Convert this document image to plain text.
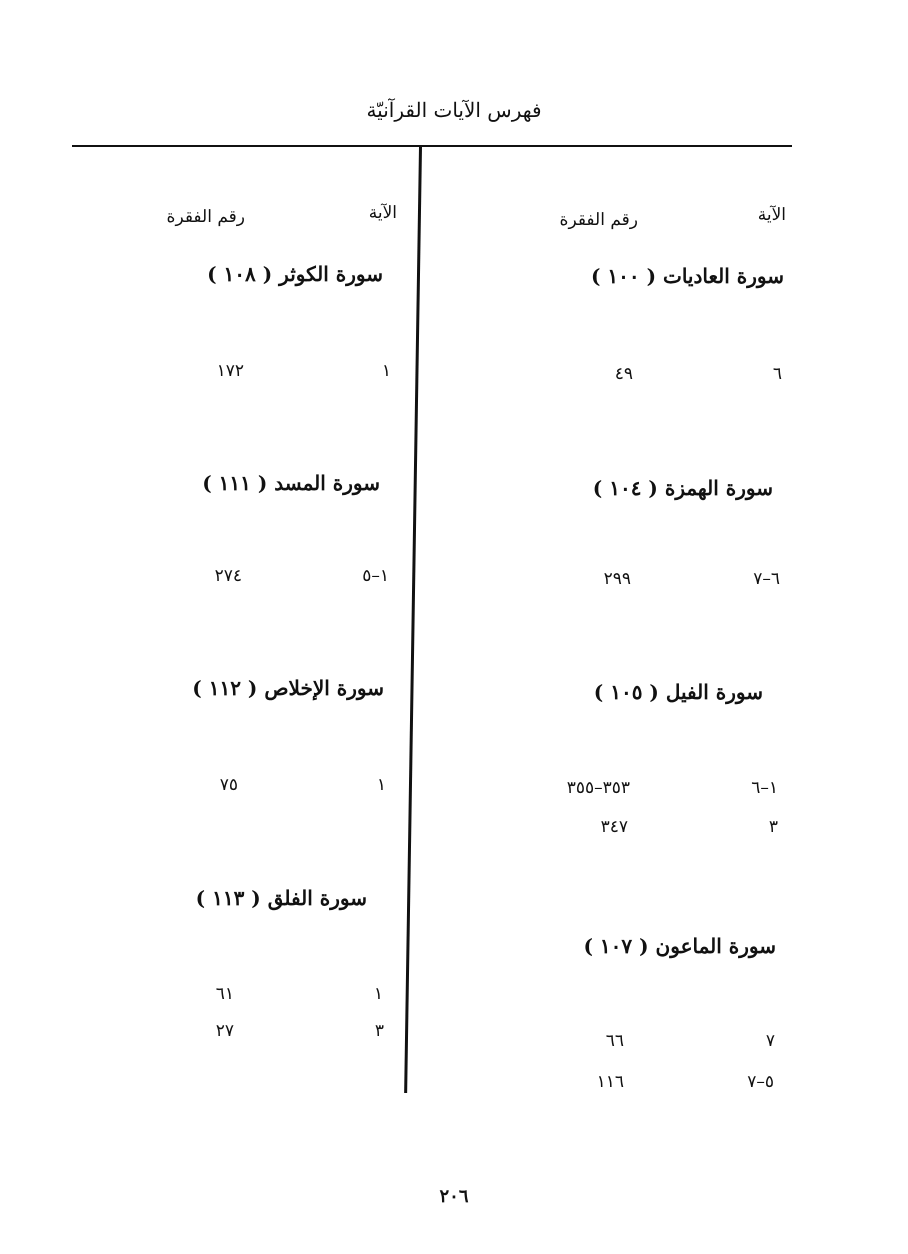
فهرس الآيات القرآنيّة
الآية
رقم الفقرة
سورة العاديات ( ١٠٠ )
٦
٤٩
سورة الهمزة ( ١٠٤ )
٦–٧
٢٩٩
سورة الفيل ( ١٠٥ )
١–٦
٣٥٣–٣٥٥
٣
٣٤٧
سورة الماعون ( ١٠٧ )
٧
٦٦
٥–٧
١١٦
الآية
رقم الفقرة
سورة الكوثر ( ١٠٨ )
١
١٧٢
سورة المسد ( ١١١ )
١–٥
٢٧٤
سورة الإخلاص ( ١١٢ )
١
٧٥
سورة الفلق ( ١١٣ )
١
٦١
٣
٢٧
٢٠٦
